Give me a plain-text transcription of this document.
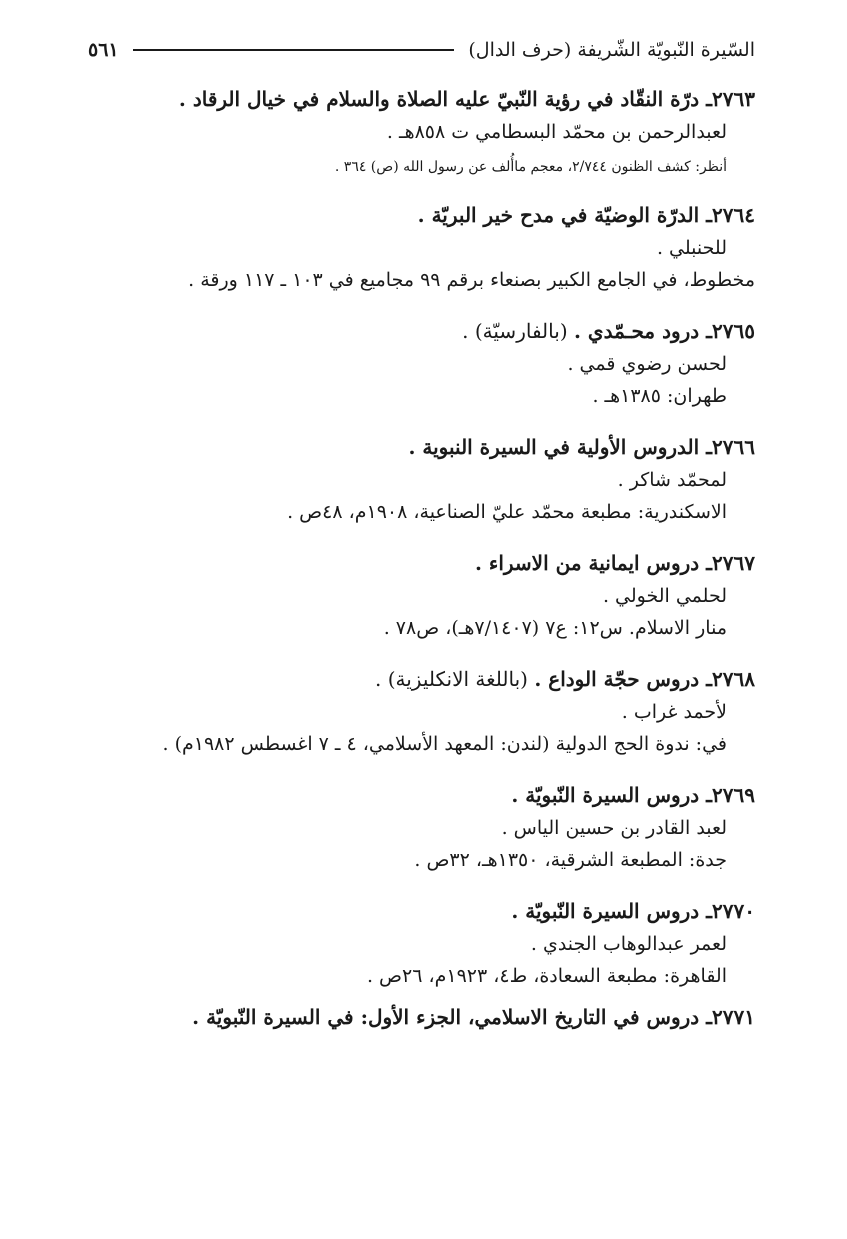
السّيرة النّبويّة الشّريفة (حرف الدال)
٥٦١
٢٧٦٣ـ درّة النقّاد في رؤية النّبيّ عليه الصلاة والسلام في خيال الرقاد .
لعبدالرحمن بن محمّد البسطامي ت ٨٥٨هـ .
أنظر: كشف الظنون ٢/٧٤٤، معجم ماأُلف عن رسول الله (ص) ٣٦٤ .
٢٧٦٤ـ الدرّة الوضيّة في مدح خير البريّة .
للحنبلي .
مخطوط، في الجامع الكبير بصنعاء برقم ٩٩ مجاميع في ١٠٣ ـ ١١٧ ورقة .
٢٧٦٥ـ درود محـمّدي . (بالفارسيّة) .
لحسن رضوي قمي .
طهران: ١٣٨٥هـ .
٢٧٦٦ـ الدروس الأولية في السيرة النبوية .
لمحمّد شاكر .
الاسكندرية: مطبعة محمّد عليّ الصناعية، ١٩٠٨م، ٤٨ص .
٢٧٦٧ـ دروس ايمانية من الاسراء .
لحلمي الخولي .
منار الاسلام. س١٢: ع٧ (٧/١٤٠٧هـ)، ص٧٨ .
٢٧٦٨ـ دروس حجّة الوداع . (باللغة الانكليزية) .
لأحمد غراب .
في: ندوة الحج الدولية (لندن: المعهد الأسلامي، ٤ ـ ٧ اغسطس ١٩٨٢م) .
٢٧٦٩ـ دروس السيرة النّبويّة .
لعبد القادر بن حسين الياس .
جدة: المطبعة الشرقية، ١٣٥٠هـ، ٣٢ص .
٢٧٧٠ـ دروس السيرة النّبويّة .
لعمر عبدالوهاب الجندي .
القاهرة: مطبعة السعادة، ط٤، ١٩٢٣م، ٢٦ص .
٢٧٧١ـ دروس في التاريخ الاسلامي، الجزء الأول: في السيرة النّبويّة .
